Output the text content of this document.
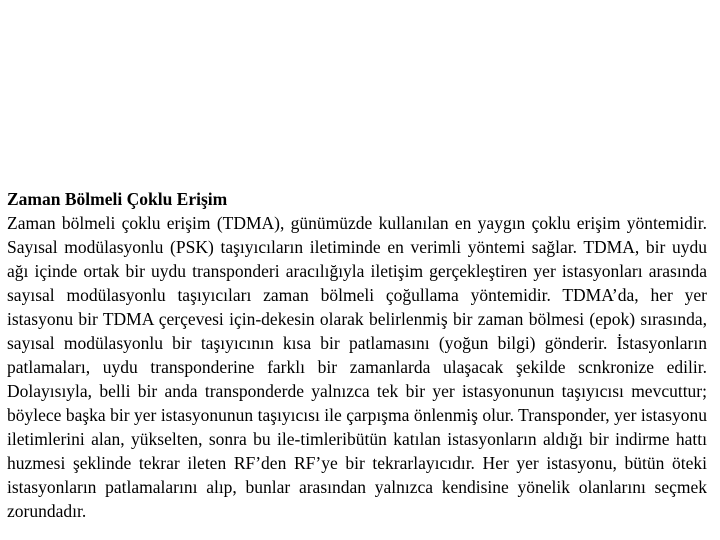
Zaman Bölmeli Çoklu Erişim

Zaman bölmeli çoklu erişim (TDMA), günümüzde kullanılan en yaygın çoklu erişim yöntemidir. Sayısal modülasyonlu (PSK) taşıyıcıların iletiminde en verimli yöntemi sağlar. TDMA, bir uydu ağı içinde ortak bir uydu transponderi aracılığıyla iletişim gerçekleştiren yer istasyonları arasında sayısal modülasyonlu taşıyıcıları zaman bölmeli çoğullama yöntemidir. TDMA’da, her yer istasyonu bir TDMA çerçevesi için-dekesin olarak belirlenmiş bir zaman bölmesi (epok) sırasında, sayısal modülasyonlu bir taşıyıcının kısa bir patlamasını (yoğun bilgi) gönderir. İstasyonların patlamaları, uydu transponderine farklı bir zamanlarda ulaşacak şekilde scnkronize edilir. Dolayısıyla, belli bir anda transponderde yalnızca tek bir yer istasyonunun taşıyıcısı mevcuttur; böylece başka bir yer istasyonunun taşıyıcısı ile çarpışma önlenmiş olur. Transponder, yer istasyonu iletimlerini alan, yükselten, sonra bu ile-timleribütün katılan istasyonların aldığı bir indirme hattı huzmesi şeklinde tekrar ileten RF’den RF’ye bir tekrarlayıcıdır. Her yer istasyonu, bütün öteki istasyonların patlamalarını alıp, bunlar arasından yalnızca kendisine yönelik olanlarını seçmek zorundadır.
